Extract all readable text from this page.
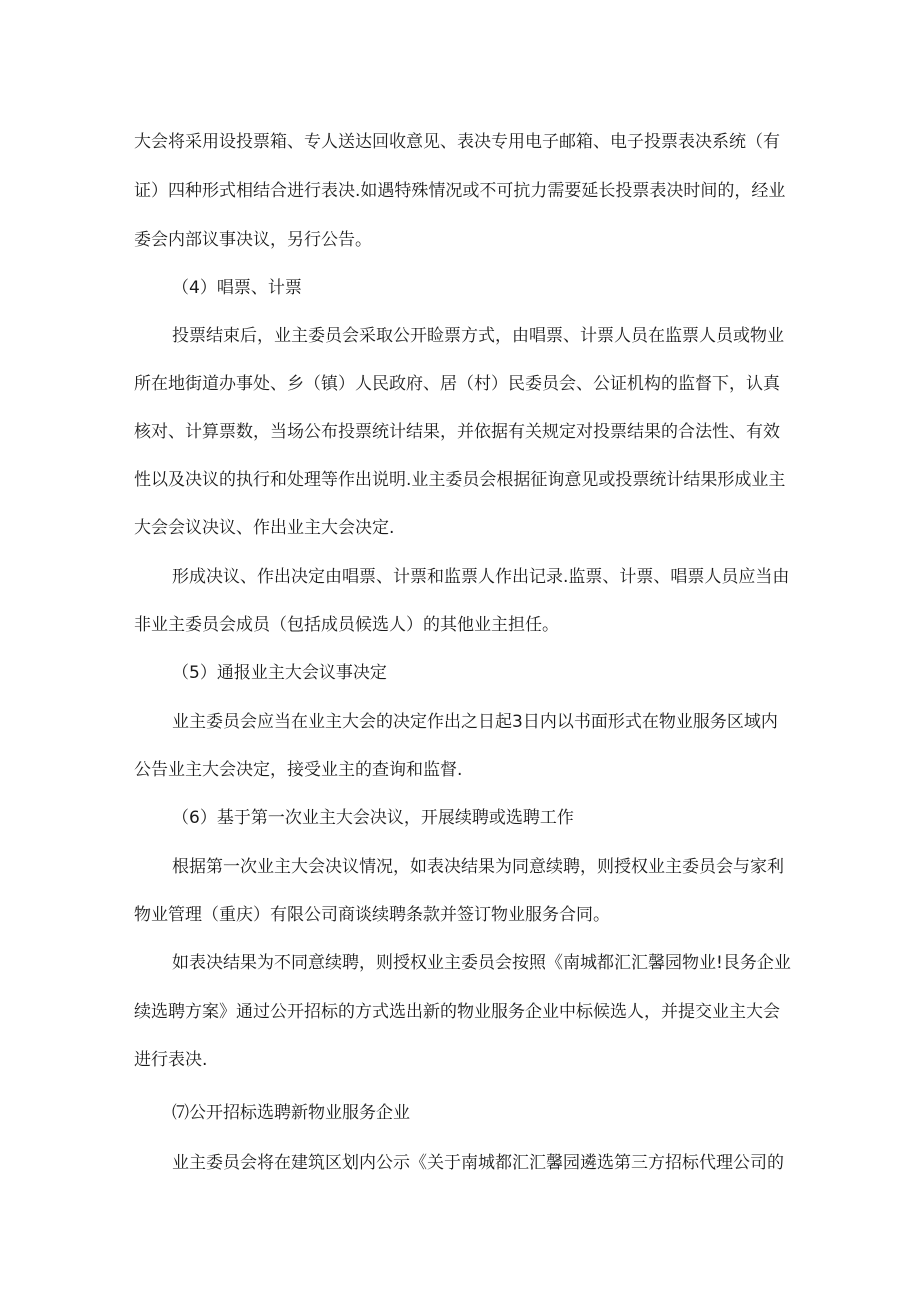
大会将采用设投票箱、专人送达回收意见、表决专用电子邮箱、电子投票表决系统（有

证）四种形式相结合进行表决.如遇特殊情况或不可抗力需要延长投票表决时间的，经业

委会内部议事决议，另行公告。

（4）唱票、计票

投票结束后，业主委员会采取公开睑票方式，由唱票、计票人员在监票人员或物业

所在地街道办事处、乡（镇）人民政府、居（村）民委员会、公证机构的监督下，认真

核对、计算票数，当场公布投票统计结果，并依据有关规定对投票结果的合法性、有效

性以及决议的执行和处理等作出说明.业主委员会根据征询意见或投票统计结果形成业主

大会会议决议、作出业主大会决定.

形成决议、作出决定由唱票、计票和监票人作出记录.监票、计票、唱票人员应当由

非业主委员会成员（包括成员候选人）的其他业主担任。

（5）通报业主大会议事决定

业主委员会应当在业主大会的决定作出之日起3日内以书面形式在物业服务区域内

公告业主大会决定，接受业主的查询和监督.

（6）基于第一次业主大会决议，开展续聘或选聘工作

根据第一次业主大会决议情况，如表决结果为同意续聘，则授权业主委员会与家利

物业管理（重庆）有限公司商谈续聘条款并签订物业服务合同。

如表决结果为不同意续聘，则授权业主委员会按照《南城都汇汇馨园物业!艮务企业

续选聘方案》通过公开招标的方式选出新的物业服务企业中标候选人，并提交业主大会

进行表决.

⑺公开招标选聘新物业服务企业

业主委员会将在建筑区划内公示《关于南城都汇汇馨园遴选第三方招标代理公司的
